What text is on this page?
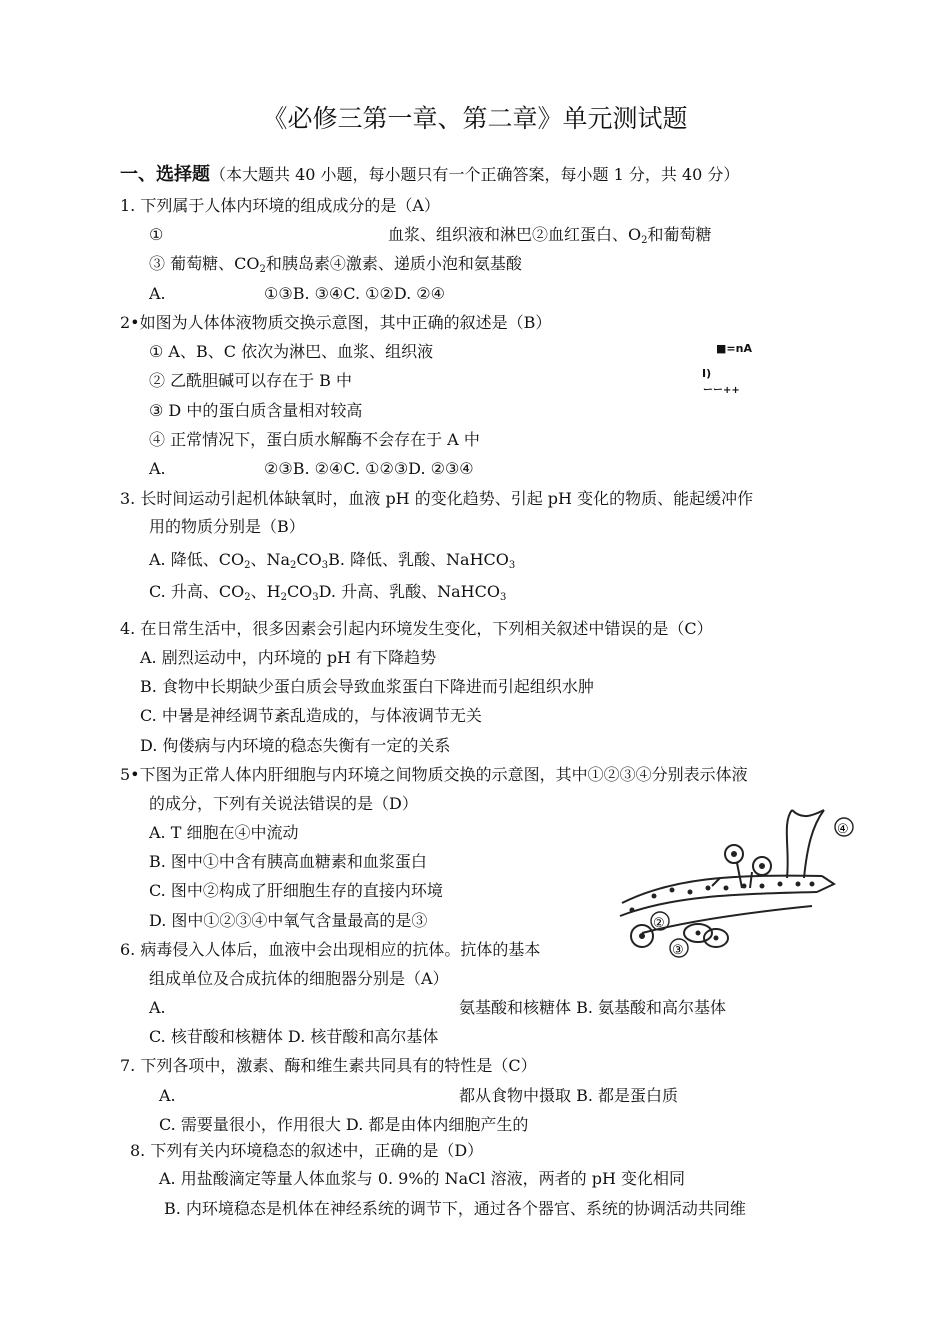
《必修三第一章、第二章》单元测试题
一、选择题（本大题共 40 小题，每小题只有一个正确答案，每小题 1 分，共 40 分）
1. 下列属于人体内环境的组成成分的是（A）
①	血浆、组织液和淋巴②血红蛋白、$O_2$和葡萄糖
③ 葡萄糖、$CO_2$和胰岛素④激素、递质小泡和氨基酸
A.	①③B. ③④C. ①②D. ②④
2•如图为人体体液物质交换示意图，其中正确的叙述是（B）
① A、B、C 依次为淋巴、血浆、组织液
② 乙酰胆碱可以存在于 B 中
③ D 中的蛋白质含量相对较高
④ 正常情况下，蛋白质水解酶不会存在于 A 中
A.	②③B. ②④C. ①②③D. ②③④
■=nA
I)
ーー++
3. 长时间运动引起机体缺氧时，血液 pH 的变化趋势、引起 pH 变化的物质、能起缓冲作
用的物质分别是（B）
A. 降低、$CO_2$、$Na_2CO_3B$. 降低、乳酸、NaHCO$_3$
C. 升高、$CO_2$、$H_2CO_3D$. 升高、乳酸、NaHCO$_3$
4. 在日常生活中，很多因素会引起内环境发生变化，下列相关叙述中错误的是（C）
A. 剧烈运动中，内环境的 pH 有下降趋势
B. 食物中长期缺少蛋白质会导致血浆蛋白下降进而引起组织水肿
C. 中暑是神经调节紊乱造成的，与体液调节无关
D. 佝偻病与内环境的稳态失衡有一定的关系
5•下图为正常人体内肝细胞与内环境之间物质交换的示意图，其中①②③④分别表示体液
的成分，下列有关说法错误的是（D）
A. T 细胞在④中流动
B. 图中①中含有胰高血糖素和血浆蛋白
C. 图中②构成了肝细胞生存的直接内环境
D. 图中①②③④中氧气含量最高的是③
④
②
③
6. 病毒侵入人体后，血液中会出现相应的抗体。抗体的基本
组成单位及合成抗体的细胞器分别是（A）
A.	氨基酸和核糖体 B. 氨基酸和高尔基体
C. 核苷酸和核糖体 D. 核苷酸和高尔基体
7. 下列各项中，激素、酶和维生素共同具有的特性是（C）
A.	都从食物中摄取 B. 都是蛋白质
C. 需要量很小，作用很大 D. 都是由体内细胞产生的
8. 下列有关内环境稳态的叙述中，正确的是（D）
A. 用盐酸滴定等量人体血浆与 0. 9%的 NaCl 溶液，两者的 pH 变化相同
B. 内环境稳态是机体在神经系统的调节下，通过各个器官、系统的协调活动共同维
